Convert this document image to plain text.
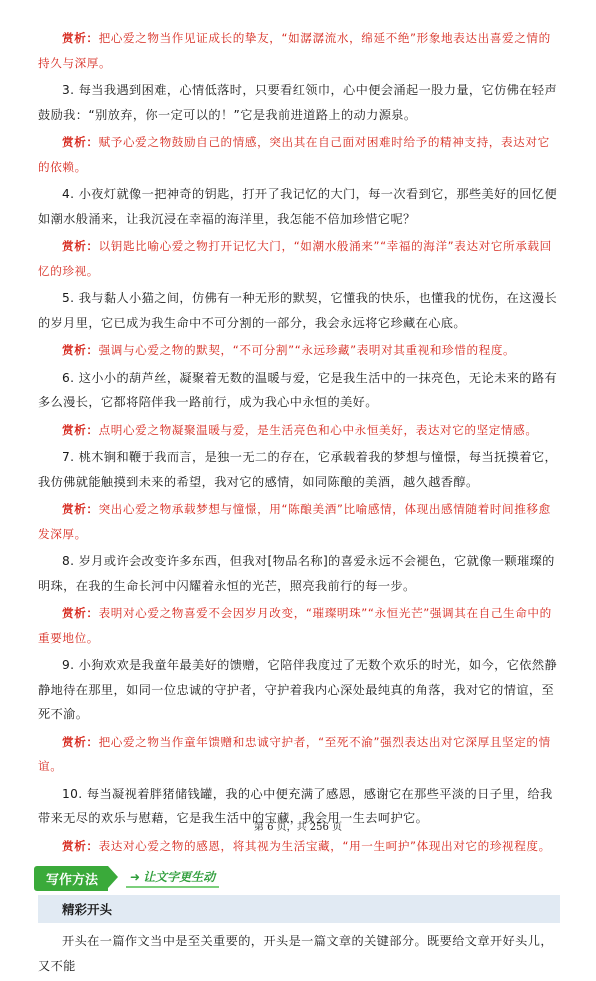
赏析：把心爱之物当作见证成长的挚友，“如潺潺流水，绵延不绝”形象地表达出喜爱之情的持久与深厚。

3. 每当我遇到困难，心情低落时，只要看红领巾，心中便会涌起一股力量，它仿佛在轻声鼓励我：“别放弃，你一定可以的！”它是我前进道路上的动力源泉。

赏析：赋予心爱之物鼓励自己的情感，突出其在自己面对困难时给予的精神支持，表达对它的依赖。

4. 小夜灯就像一把神奇的钥匙，打开了我记忆的大门，每一次看到它，那些美好的回忆便如潮水般涌来，让我沉浸在幸福的海洋里，我怎能不倍加珍惜它呢？

赏析：以钥匙比喻心爱之物打开记忆大门，“如潮水般涌来”“幸福的海洋”表达对它所承载回忆的珍视。

5. 我与黏人小猫之间，仿佛有一种无形的默契，它懂我的快乐，也懂我的忧伤，在这漫长的岁月里，它已成为我生命中不可分割的一部分，我会永远将它珍藏在心底。

赏析：强调与心爱之物的默契，“不可分割”“永远珍藏”表明对其重视和珍惜的程度。

6. 这小小的葫芦丝，凝聚着无数的温暖与爱，它是我生活中的一抹亮色，无论未来的路有多么漫长，它都将陪伴我一路前行，成为我心中永恒的美好。

赏析：点明心爱之物凝聚温暖与爱，是生活亮色和心中永恒美好，表达对它的坚定情感。

7. 桃木锏和鞭于我而言，是独一无二的存在，它承载着我的梦想与憧憬，每当抚摸着它，我仿佛就能触摸到未来的希望，我对它的感情，如同陈酿的美酒，越久越香醇。

赏析：突出心爱之物承载梦想与憧憬，用“陈酿美酒”比喻感情，体现出感情随着时间推移愈发深厚。

8. 岁月或许会改变许多东西，但我对[物品名称]的喜爱永远不会褪色，它就像一颗璀璨的明珠，在我的生命长河中闪耀着永恒的光芒，照亮我前行的每一步。

赏析：表明对心爱之物喜爱不会因岁月改变，“璀璨明珠”“永恒光芒”强调其在自己生命中的重要地位。

9. 小狗欢欢是我童年最美好的馈赠，它陪伴我度过了无数个欢乐的时光，如今，它依然静静地待在那里，如同一位忠诚的守护者，守护着我内心深处最纯真的角落，我对它的情谊，至死不渝。

赏析：把心爱之物当作童年馈赠和忠诚守护者，“至死不渝”强烈表达出对它深厚且坚定的情谊。

10. 每当凝视着胖猪储钱罐，我的心中便充满了感恩，感谢它在那些平淡的日子里，给我带来无尽的欢乐与慰藉，它是我生活中的宝藏，我会用一生去呵护它。

赏析：表达对心爱之物的感恩，将其视为生活宝藏，“用一生呵护”体现出对它的珍视程度。

写作方法	➜ 让文字更生动
精彩开头

开头在一篇作文当中是至关重要的，开头是一篇文章的关键部分。既要给文章开好头儿，又不能

第 6 页，共 256 页
